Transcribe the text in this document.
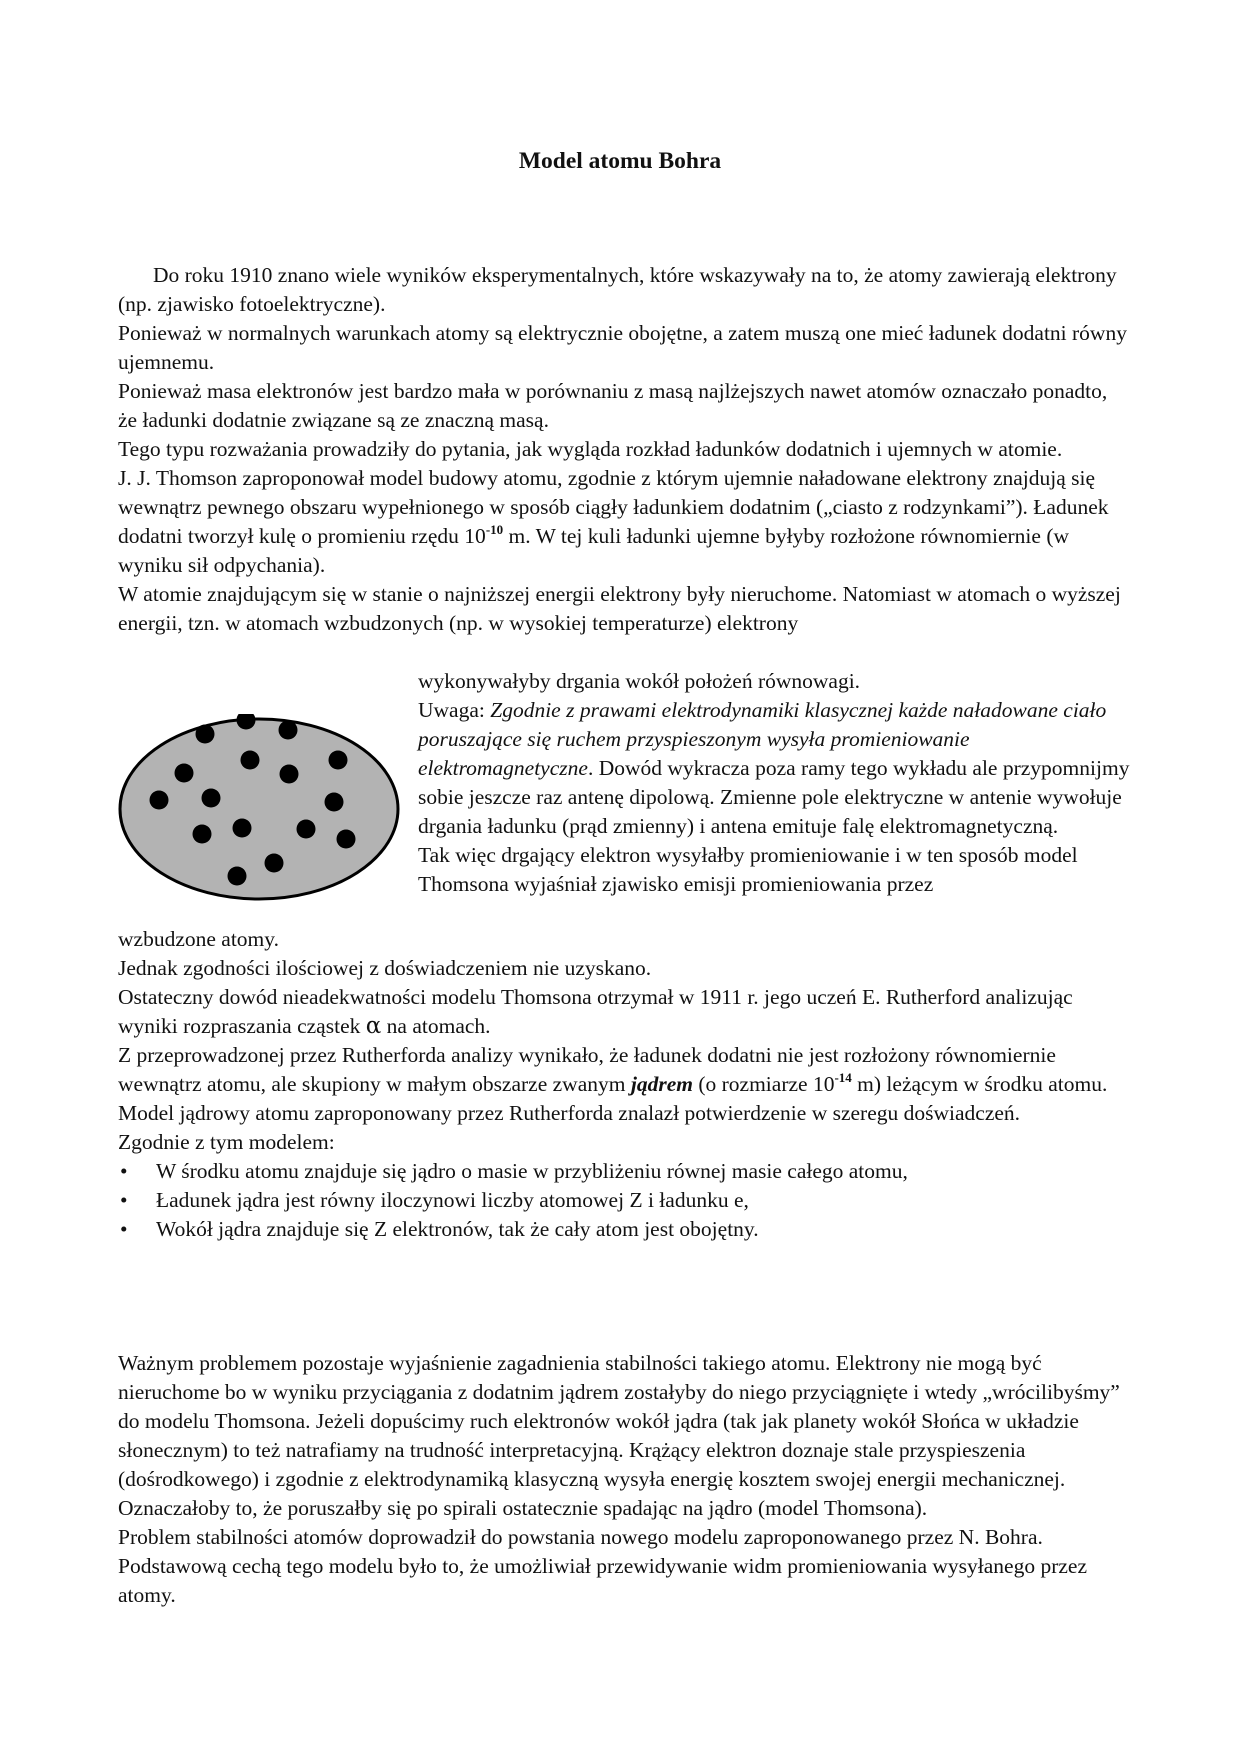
Model atomu Bohra

Do roku 1910 znano wiele wyników eksperymentalnych, które wskazywały na to, że atomy zawierają elektrony (np. zjawisko fotoelektryczne).

Ponieważ w normalnych warunkach atomy są elektrycznie obojętne, a zatem muszą one mieć ładunek dodatni równy ujemnemu.

Ponieważ masa elektronów jest bardzo mała w porównaniu z masą najlżejszych nawet atomów oznaczało ponadto, że ładunki dodatnie związane są ze znaczną masą.

Tego typu rozważania prowadziły do pytania, jak wygląda rozkład ładunków dodatnich i ujemnych w atomie.

J. J. Thomson zaproponował model budowy atomu, zgodnie z którym ujemnie naładowane elektrony znajdują się wewnątrz pewnego obszaru wypełnionego w sposób ciągły ładunkiem dodatnim („ciasto z rodzynkami”). Ładunek dodatni tworzył kulę o promieniu rzędu $10^{-10}$ m. W tej kuli ładunki ujemne byłyby rozłożone równomiernie (w wyniku sił odpychania).

W atomie znajdującym się w stanie o najniższej energii elektrony były nieruchome. Natomiast w atomach o wyższej energii, tzn. w atomach wzbudzonych (np. w wysokiej temperaturze) elektrony

wykonywałyby drgania wokół położeń równowagi.

Uwaga: Zgodnie z prawami elektrodynamiki klasycznej każde naładowane ciało poruszające się ruchem przyspieszonym wysyła promieniowanie elektromagnetyczne. Dowód wykracza poza ramy tego wykładu ale przypomnijmy sobie jeszcze raz antenę dipolową. Zmienne pole elektryczne w antenie wywołuje drgania ładunku (prąd zmienny) i antena emituje falę elektromagnetyczną.

Tak więc drgający elektron wysyłałby promieniowanie i w ten sposób model Thomsona wyjaśniał zjawisko emisji promieniowania przez

wzbudzone atomy.

Jednak zgodności ilościowej z doświadczeniem nie uzyskano.

Ostateczny dowód nieadekwatności modelu Thomsona otrzymał w 1911 r. jego uczeń E. Rutherford analizując wyniki rozpraszania cząstek α na atomach.

Z przeprowadzonej przez Rutherforda analizy wynikało, że ładunek dodatni nie jest rozłożony równomiernie wewnątrz atomu, ale skupiony w małym obszarze zwanym jądrem (o rozmiarze $10^{-14}$ m) leżącym w środku atomu.

Model jądrowy atomu zaproponowany przez Rutherforda znalazł potwierdzenie w szeregu doświadczeń.

Zgodnie z tym modelem:

• W środku atomu znajduje się jądro o masie w przybliżeniu równej masie całego atomu,
• Ładunek jądra jest równy iloczynowi liczby atomowej Z i ładunku e,
• Wokół jądra znajduje się Z elektronów, tak że cały atom jest obojętny.

Ważnym problemem pozostaje wyjaśnienie zagadnienia stabilności takiego atomu. Elektrony nie mogą być nieruchome bo w wyniku przyciągania z dodatnim jądrem zostałyby do niego przyciągnięte i wtedy „wrócilibyśmy” do modelu Thomsona. Jeżeli dopuścimy ruch elektronów wokół jądra (tak jak planety wokół Słońca w układzie słonecznym) to też natrafiamy na trudność interpretacyjną. Krążący elektron doznaje stale przyspieszenia (dośrodkowego) i zgodnie z elektrodynamiką klasyczną wysyła energię kosztem swojej energii mechanicznej. Oznaczałoby to, że poruszałby się po spirali ostatecznie spadając na jądro (model Thomsona).

Problem stabilności atomów doprowadził do powstania nowego modelu zaproponowanego przez N. Bohra. Podstawową cechą tego modelu było to, że umożliwiał przewidywanie widm promieniowania wysyłanego przez atomy.
